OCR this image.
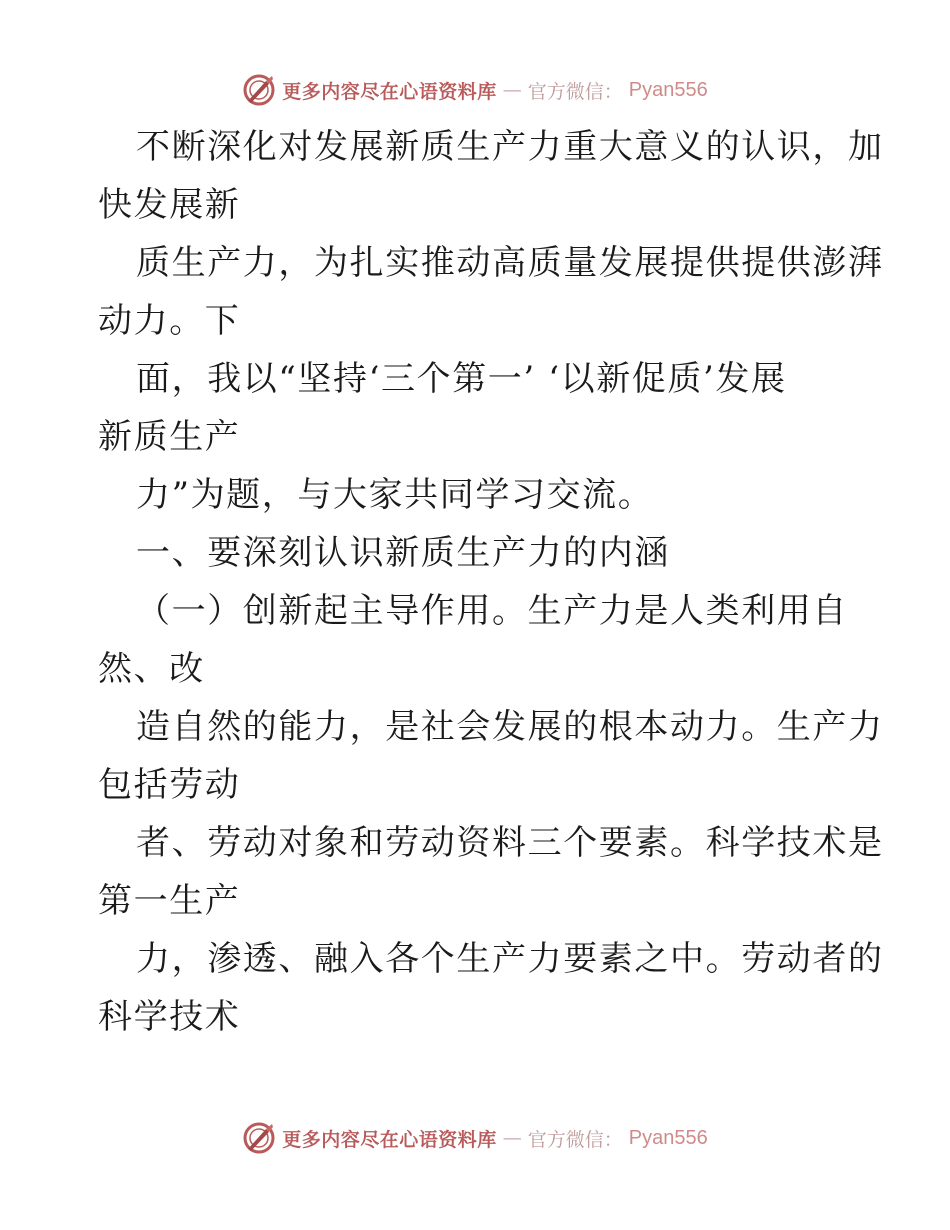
更多内容尽在心语资料库 — 官方微信： Pyan556
不断深化对发展新质生产力重大意义的认识，加
快发展新
质生产力，为扎实推动高质量发展提供提供澎湃
动力。下
面，我以“坚持‘三个第一’ ‘以新促质’发展
新质生产
力”为题，与大家共同学习交流。
一、要深刻认识新质生产力的内涵
（一）创新起主导作用。生产力是人类利用自
然、改
造自然的能力，是社会发展的根本动力。生产力
包括劳动
者、劳动对象和劳动资料三个要素。科学技术是
第一生产
力，渗透、融入各个生产力要素之中。劳动者的
科学技术
更多内容尽在心语资料库 — 官方微信： Pyan556
